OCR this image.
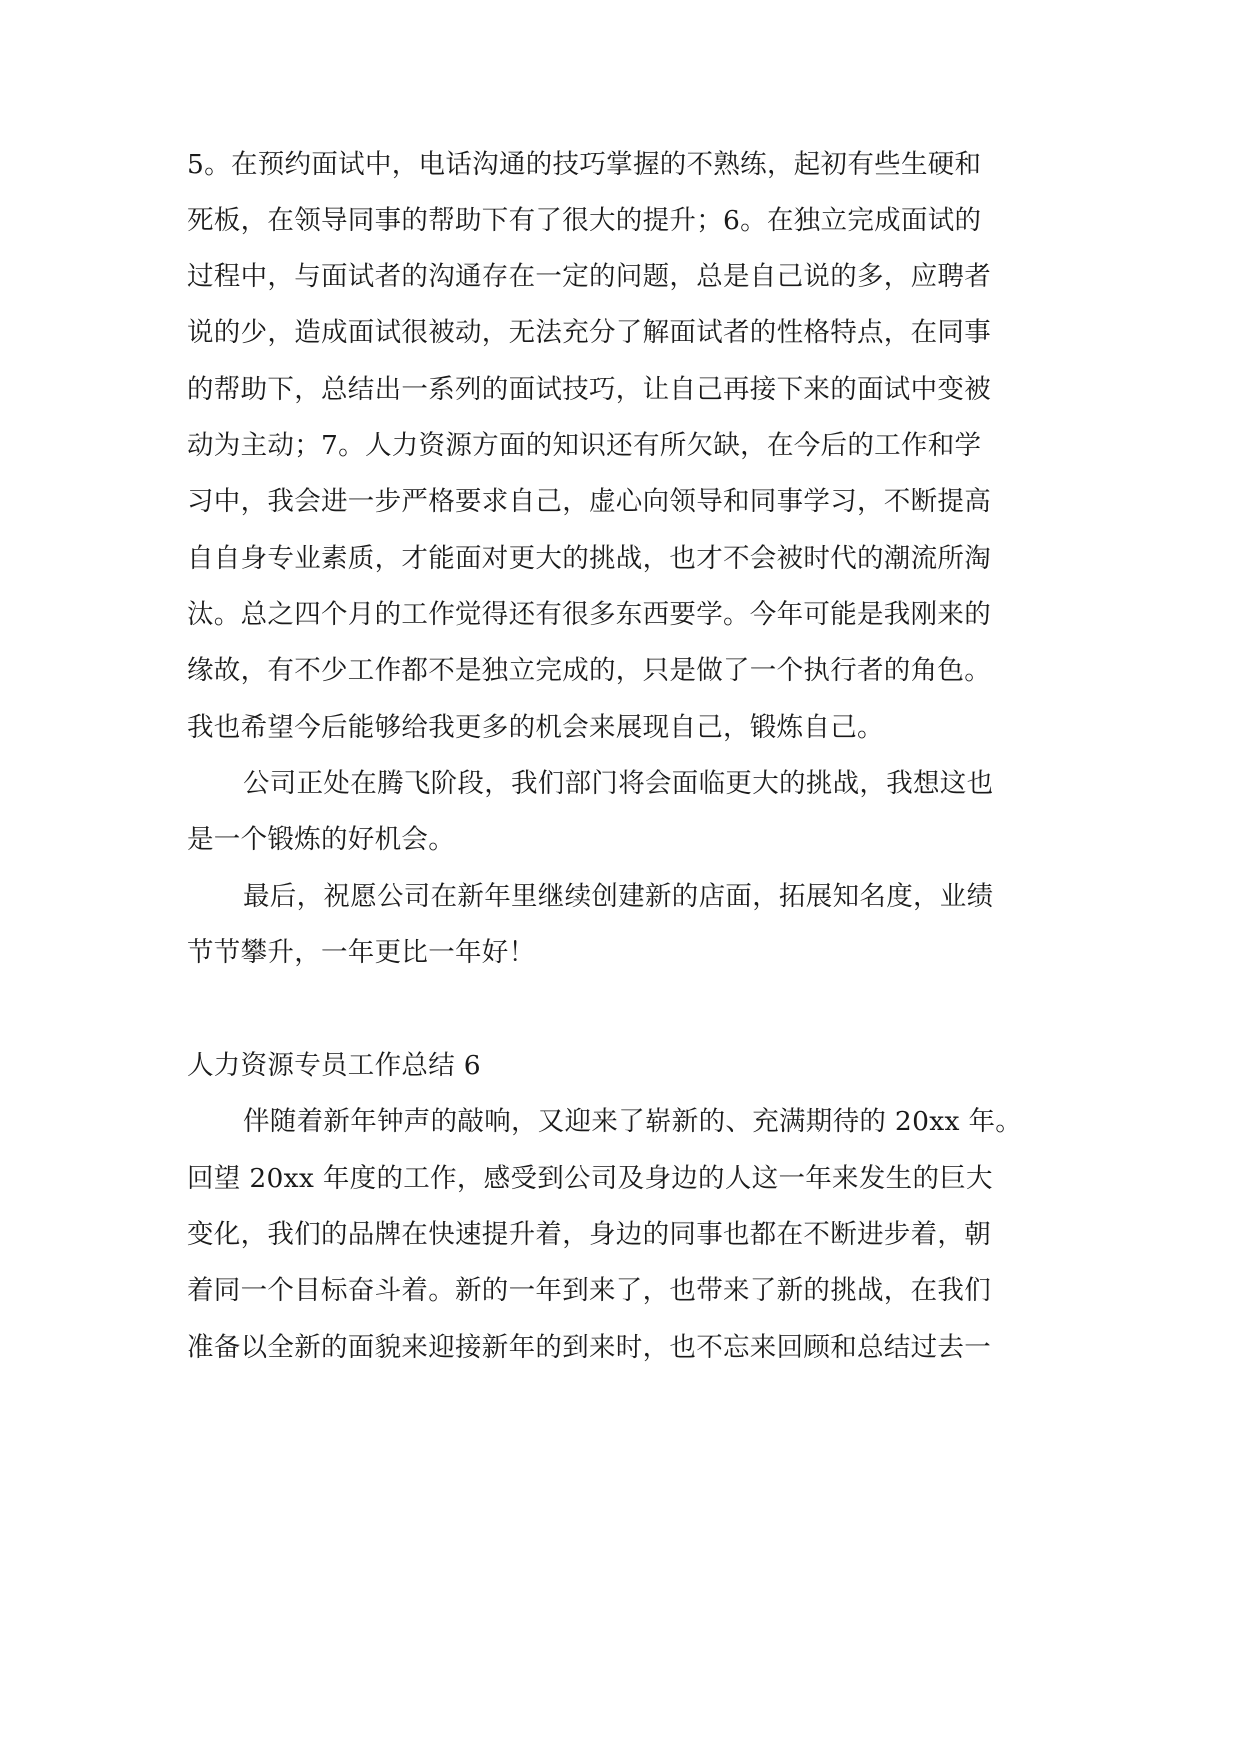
5。在预约面试中，电话沟通的技巧掌握的不熟练，起初有些生硬和
死板，在领导同事的帮助下有了很大的提升；6。在独立完成面试的
过程中，与面试者的沟通存在一定的问题，总是自己说的多，应聘者
说的少，造成面试很被动，无法充分了解面试者的性格特点，在同事
的帮助下，总结出一系列的面试技巧，让自己再接下来的面试中变被
动为主动；7。人力资源方面的知识还有所欠缺，在今后的工作和学
习中，我会进一步严格要求自己，虚心向领导和同事学习，不断提高
自自身专业素质，才能面对更大的挑战，也才不会被时代的潮流所淘
汰。总之四个月的工作觉得还有很多东西要学。今年可能是我刚来的
缘故，有不少工作都不是独立完成的，只是做了一个执行者的角色。
我也希望今后能够给我更多的机会来展现自己，锻炼自己。
公司正处在腾飞阶段，我们部门将会面临更大的挑战，我想这也
是一个锻炼的好机会。
最后，祝愿公司在新年里继续创建新的店面，拓展知名度，业绩
节节攀升，一年更比一年好！
人力资源专员工作总结 6
伴随着新年钟声的敲响，又迎来了崭新的、充满期待的 20xx 年。
回望 20xx 年度的工作，感受到公司及身边的人这一年来发生的巨大
变化，我们的品牌在快速提升着，身边的同事也都在不断进步着，朝
着同一个目标奋斗着。新的一年到来了，也带来了新的挑战，在我们
准备以全新的面貌来迎接新年的到来时，也不忘来回顾和总结过去一
